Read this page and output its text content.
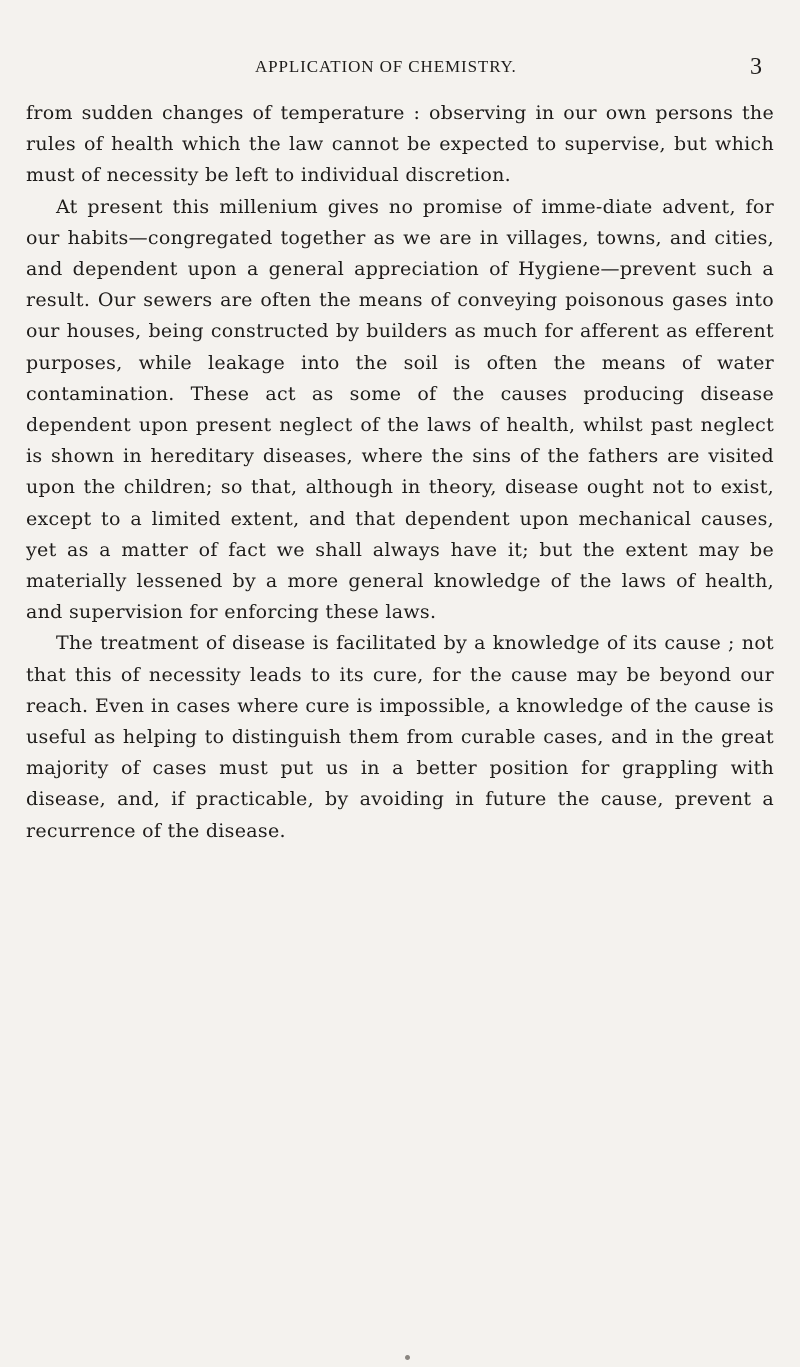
APPLICATION OF CHEMISTRY.	3

from sudden changes of temperature : observing in our own persons the rules of health which the law cannot be expected to supervise, but which must of necessity be left to individual discretion.

At present this millenium gives no promise of imme-diate advent, for our habits—congregated together as we are in villages, towns, and cities, and dependent upon a general appreciation of Hygiene—prevent such a result. Our sewers are often the means of conveying poisonous gases into our houses, being constructed by builders as much for afferent as efferent purposes, while leakage into the soil is often the means of water contamination. These act as some of the causes producing disease dependent upon present neglect of the laws of health, whilst past neglect is shown in hereditary diseases, where the sins of the fathers are visited upon the children; so that, although in theory, disease ought not to exist, except to a limited extent, and that dependent upon mechanical causes, yet as a matter of fact we shall always have it; but the extent may be materially lessened by a more general knowledge of the laws of health, and supervision for enforcing these laws.

The treatment of disease is facilitated by a knowledge of its cause ; not that this of necessity leads to its cure, for the cause may be beyond our reach. Even in cases where cure is impossible, a knowledge of the cause is useful as helping to distinguish them from curable cases, and in the great majority of cases must put us in a better position for grappling with disease, and, if practicable, by avoiding in future the cause, prevent a recurrence of the disease.
